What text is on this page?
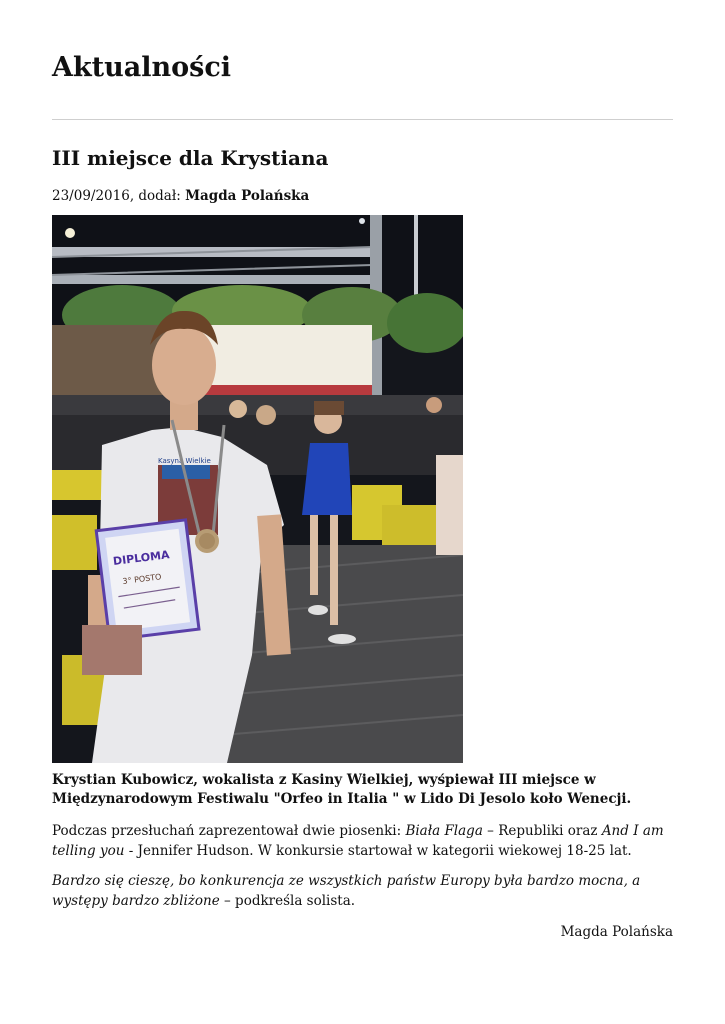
Aktualności
III miejsce dla Krystiana
23/09/2016, dodał: Magda Polańska
Kasyna Wielkie
DIPLOMA
3° POSTO

Krystian Kubowicz, wokalista z Kasiny Wielkiej, wyśpiewał III miejsce w Międzynarodowym Festiwalu "Orfeo in Italia " w Lido Di Jesolo koło Wenecji.

Podczas przesłuchań zaprezentował dwie piosenki: Biała Flaga – Republiki oraz And I am telling you - Jennifer Hudson. W konkursie startował w kategorii wiekowej 18-25 lat.

Bardzo się cieszę, bo konkurencja ze wszystkich państw Europy była bardzo mocna, a występy bardzo zbliżone – podkreśla solista.

Magda Polańska
